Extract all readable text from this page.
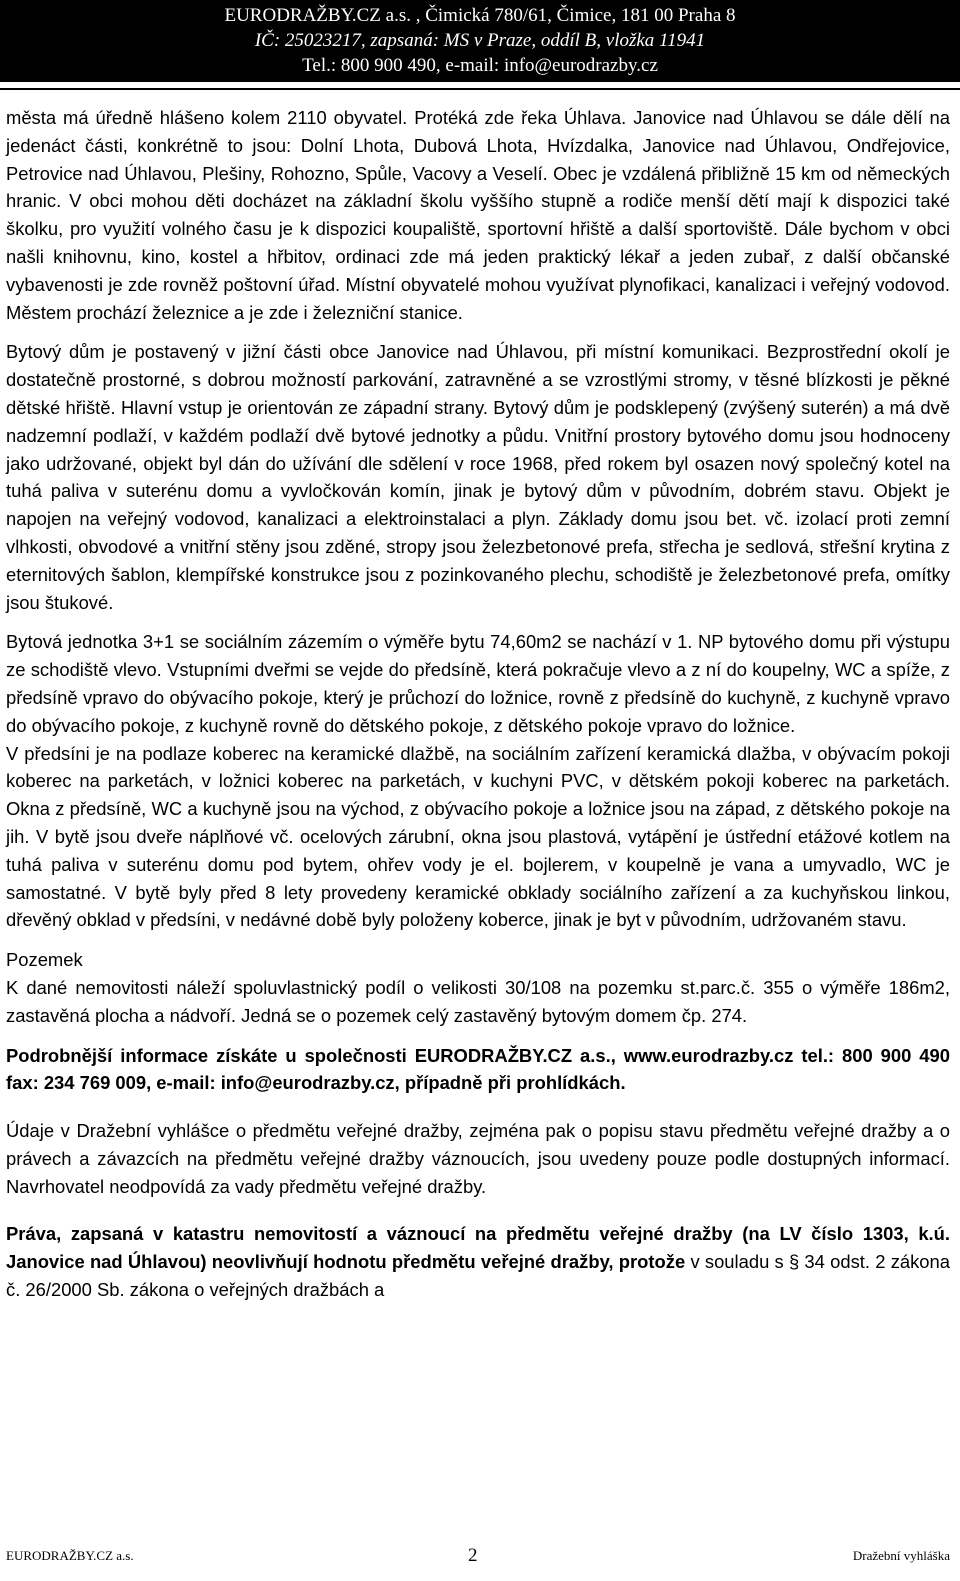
EURODRAŽBY.CZ a.s. , Čimická 780/61, Čimice, 181 00 Praha 8
IČ: 25023217, zapsaná: MS v Praze, oddíl B, vložka 11941
Tel.: 800 900 490, e-mail: info@eurodrazby.cz

města má úředně hlášeno kolem 2110 obyvatel. Protéká zde řeka Úhlava. Janovice nad Úhlavou se dále dělí na jedenáct části, konkrétně to jsou: Dolní Lhota, Dubová Lhota, Hvízdalka, Janovice nad Úhlavou, Ondřejovice, Petrovice nad Úhlavou, Plešiny, Rohozno, Spůle, Vacovy a Veselí. Obec je vzdálená přibližně 15 km od německých hranic. V obci mohou děti docházet na základní školu vyššího stupně a rodiče menší dětí mají k dispozici také školku, pro využití volného času je k dispozici koupaliště, sportovní hřiště a další sportoviště. Dále bychom v obci našli knihovnu, kino, kostel a hřbitov, ordinaci zde má jeden praktický lékař a jeden zubař, z další občanské vybavenosti je zde rovněž poštovní úřad. Místní obyvatelé mohou využívat plynofikaci, kanalizaci i veřejný vodovod. Městem prochází železnice a je zde i železniční stanice.

Bytový dům je postavený v jižní části obce Janovice nad Úhlavou, při místní komunikaci. Bezprostřední okolí je dostatečně prostorné, s dobrou možností parkování, zatravněné a se vzrostlými stromy, v těsné blízkosti je pěkné dětské hřiště. Hlavní vstup je orientován ze západní strany. Bytový dům je podsklepený (zvýšený suterén) a má dvě nadzemní podlaží, v každém podlaží dvě bytové jednotky a půdu. Vnitřní prostory bytového domu jsou hodnoceny jako udržované, objekt byl dán do užívání dle sdělení v roce 1968, před rokem byl osazen nový společný kotel na tuhá paliva v suterénu domu a vyvločkován komín, jinak je bytový dům v původním, dobrém stavu. Objekt je napojen na veřejný vodovod, kanalizaci a elektroinstalaci a plyn. Základy domu jsou bet. vč. izolací proti zemní vlhkosti, obvodové a vnitřní stěny jsou zděné, stropy jsou železbetonové prefa, střecha je sedlová, střešní krytina z eternitových šablon, klempířské konstrukce jsou z pozinkovaného plechu, schodiště je železbetonové prefa, omítky jsou štukové.

Bytová jednotka 3+1 se sociálním zázemím o výměře bytu 74,60m2 se nachází v 1. NP bytového domu při výstupu ze schodiště vlevo. Vstupními dveřmi se vejde do předsíně, která pokračuje vlevo a z ní do koupelny, WC a spíže, z předsíně vpravo do obývacího pokoje, který je průchozí do ložnice, rovně z předsíně do kuchyně, z kuchyně vpravo do obývacího pokoje, z kuchyně rovně do dětského pokoje, z dětského pokoje vpravo do ložnice.

V předsíni je na podlaze koberec na keramické dlažbě, na sociálním zařízení keramická dlažba, v obývacím pokoji koberec na parketách, v ložnici koberec na parketách, v kuchyni PVC, v dětském pokoji koberec na parketách. Okna z předsíně, WC a kuchyně jsou na východ, z obývacího pokoje a ložnice jsou na západ, z dětského pokoje na jih. V bytě jsou dveře náplňové vč. ocelových zárubní, okna jsou plastová, vytápění je ústřední etážové kotlem na tuhá paliva v suterénu domu pod bytem, ohřev vody je el. bojlerem, v koupelně je vana a umyvadlo, WC je samostatné. V bytě byly před 8 lety provedeny keramické obklady sociálního zařízení a za kuchyňskou linkou, dřevěný obklad v předsíni, v nedávné době byly položeny koberce, jinak je byt v původním, udržovaném stavu.

Pozemek

K dané nemovitosti náleží spoluvlastnický podíl o velikosti 30/108 na pozemku st.parc.č. 355 o výměře 186m2, zastavěná plocha a nádvoří. Jedná se o pozemek celý zastavěný bytovým domem čp. 274.

Podrobnější informace získáte u společnosti EURODRAŽBY.CZ a.s., www.eurodrazby.cz tel.: 800 900 490 fax: 234 769 009, e-mail: info@eurodrazby.cz, případně při prohlídkách.

Údaje v Dražební vyhlášce o předmětu veřejné dražby, zejména pak o popisu stavu předmětu veřejné dražby a o právech a závazcích na předmětu veřejné dražby váznoucích, jsou uvedeny pouze podle dostupných informací. Navrhovatel neodpovídá za vady předmětu veřejné dražby.

Práva, zapsaná v katastru nemovitostí a váznoucí na předmětu veřejné dražby (na LV číslo 1303, k.ú. Janovice nad Úhlavou) neovlivňují hodnotu předmětu veřejné dražby, protože v souladu s § 34 odst. 2 zákona č. 26/2000 Sb. zákona o veřejných dražbách a

EURODRAŽBY.CZ a.s.	2	Dražební vyhláška
